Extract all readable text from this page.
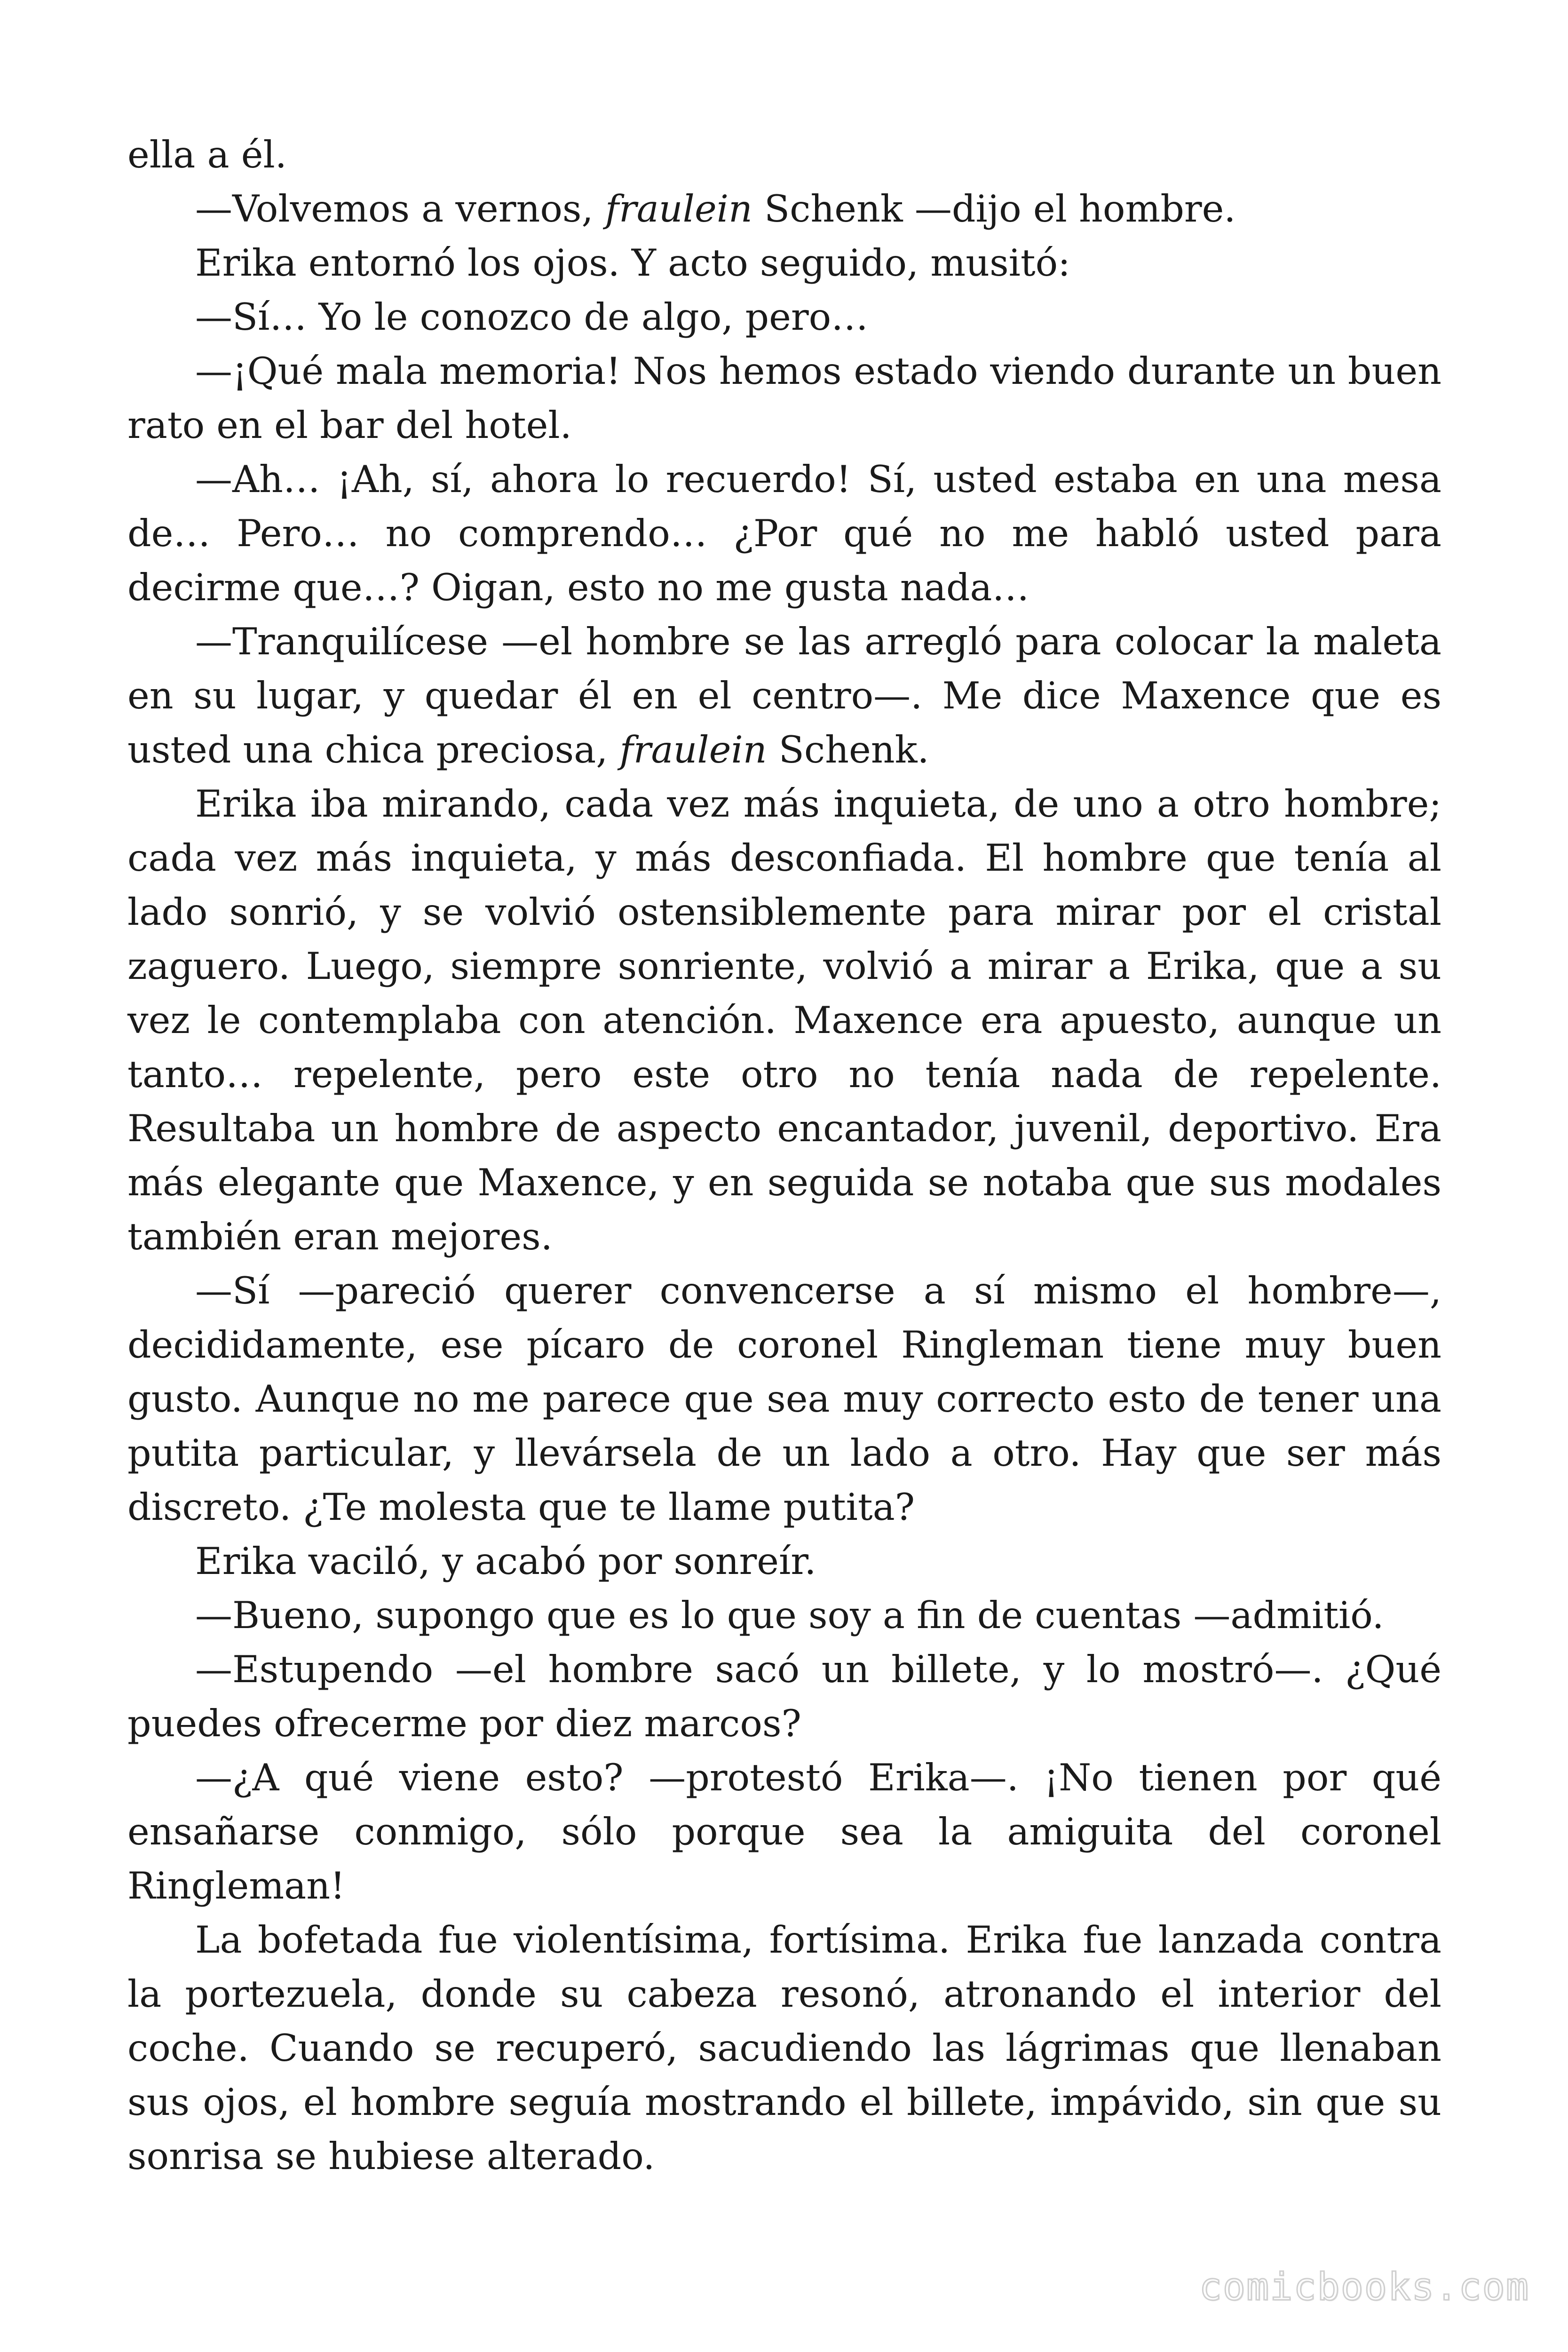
ella a él.

—Volvemos a vernos, fraulein Schenk —dijo el hombre.

Erika entornó los ojos. Y acto seguido, musitó:

—Sí… Yo le conozco de algo, pero…

—¡Qué mala memoria! Nos hemos estado viendo durante un buen rato en el bar del hotel.

—Ah… ¡Ah, sí, ahora lo recuerdo! Sí, usted estaba en una mesa de… Pero… no comprendo… ¿Por qué no me habló usted para decirme que…? Oigan, esto no me gusta nada…

—Tranquilícese —el hombre se las arregló para colocar la maleta en su lugar, y quedar él en el centro—. Me dice Maxence que es usted una chica preciosa, fraulein Schenk.

Erika iba mirando, cada vez más inquieta, de uno a otro hombre; cada vez más inquieta, y más desconfiada. El hombre que tenía al lado sonrió, y se volvió ostensiblemente para mirar por el cristal zaguero. Luego, siempre sonriente, volvió a mirar a Erika, que a su vez le contemplaba con atención. Maxence era apuesto, aunque un tanto… repelente, pero este otro no tenía nada de repelente. Resultaba un hombre de aspecto encantador, juvenil, deportivo. Era más elegante que Maxence, y en seguida se notaba que sus modales también eran mejores.

—Sí —pareció querer convencerse a sí mismo el hombre—, decididamente, ese pícaro de coronel Ringleman tiene muy buen gusto. Aunque no me parece que sea muy correcto esto de tener una putita particular, y llevársela de un lado a otro. Hay que ser más discreto. ¿Te molesta que te llame putita?

Erika vaciló, y acabó por sonreír.

—Bueno, supongo que es lo que soy a fin de cuentas —admitió.

—Estupendo —el hombre sacó un billete, y lo mostró—. ¿Qué puedes ofrecerme por diez marcos?

—¿A qué viene esto? —protestó Erika—. ¡No tienen por qué ensañarse conmigo, sólo porque sea la amiguita del coronel Ringleman!

La bofetada fue violentísima, fortísima. Erika fue lanzada contra la portezuela, donde su cabeza resonó, atronando el interior del coche. Cuando se recuperó, sacudiendo las lágrimas que llenaban sus ojos, el hombre seguía mostrando el billete, impávido, sin que su sonrisa se hubiese alterado.

comicbooks.com
